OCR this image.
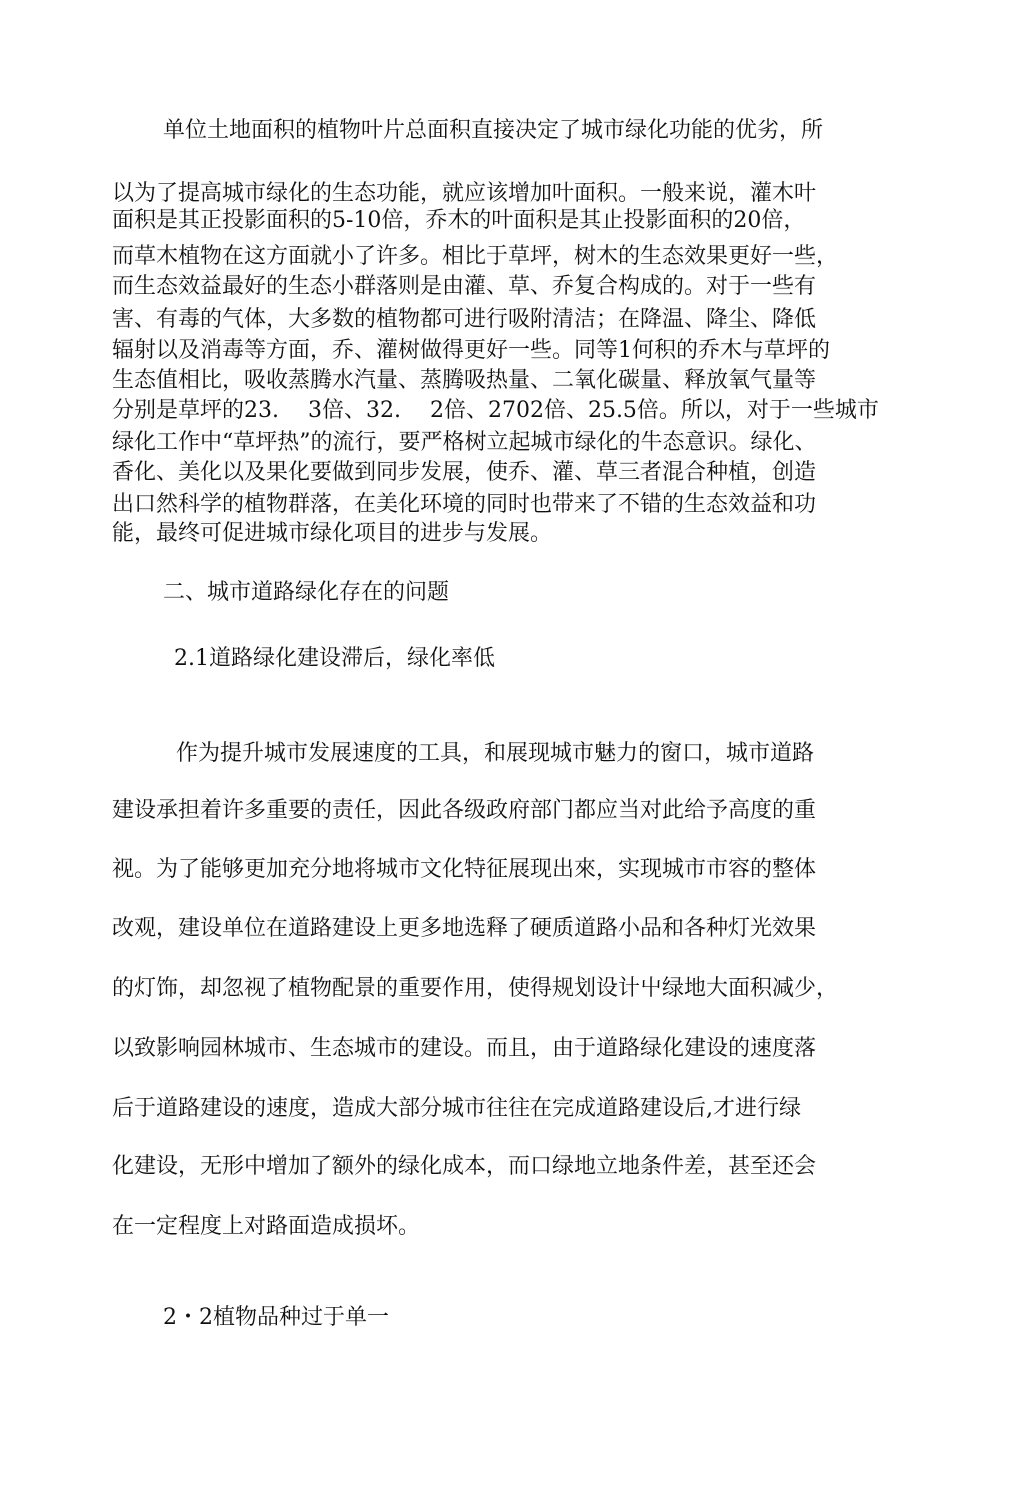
单位土地面积的植物叶片总面积直接决定了城市绿化功能的优劣，所
以为了提高城市绿化的生态功能，就应该增加叶面积。一般来说，灌木叶
面积是其正投影面积的5-10倍，乔木的叶面积是其止投影面积的20倍，
而草木植物在这方面就小了许多。相比于草坪，树木的生态效果更好一些，
而生态效益最好的生态小群落则是由灌、草、乔复合构成的。对于一些有
害、有毒的气体，大多数的植物都可进行吸附清洁；在降温、降尘、降低
辐射以及消毒等方面，乔、灌树做得更好一些。同等1何积的乔木与草坪的
生态值相比，吸收蒸腾水汽量、蒸腾吸热量、二氧化碳量、释放氧气量等
分别是草坪的23.　 3倍、32.　 2倍、2702倍、25.5倍。所以，对于一些城市
绿化工作中“草坪热”的流行，要严格树立起城市绿化的牛态意识。绿化、
香化、美化以及果化要做到同步发展，使乔、灌、草三者混合种植，创造
出口然科学的植物群落，在美化环境的同时也带来了不错的生态效益和功
能，最终可促进城市绿化项目的进步与发展。
二、城市道路绿化存在的问题
2.1道路绿化建设滞后，绿化率低
作为提升城市发展速度的工具，和展现城市魅力的窗口，城市道路
建设承担着许多重要的责任，因此各级政府部门都应当对此给予高度的重
视。为了能够更加充分地将城市文化特征展现出來，实现城市市容的整体
改观，建设单位在道路建设上更多地选释了硬质道路小品和各种灯光效果
的灯饰，却忽视了植物配景的重要作用，使得规划设计屮绿地大面积减少，
以致影响园林城市、生态城市的建设。而且，由于道路绿化建设的速度落
后于道路建设的速度，造成大部分城市往往在完成道路建设后,才进行绿
化建设，无形中增加了额外的绿化成本，而口绿地立地条件差，甚至还会
在一定程度上对路面造成损坏。
2・2植物品种过于单一
